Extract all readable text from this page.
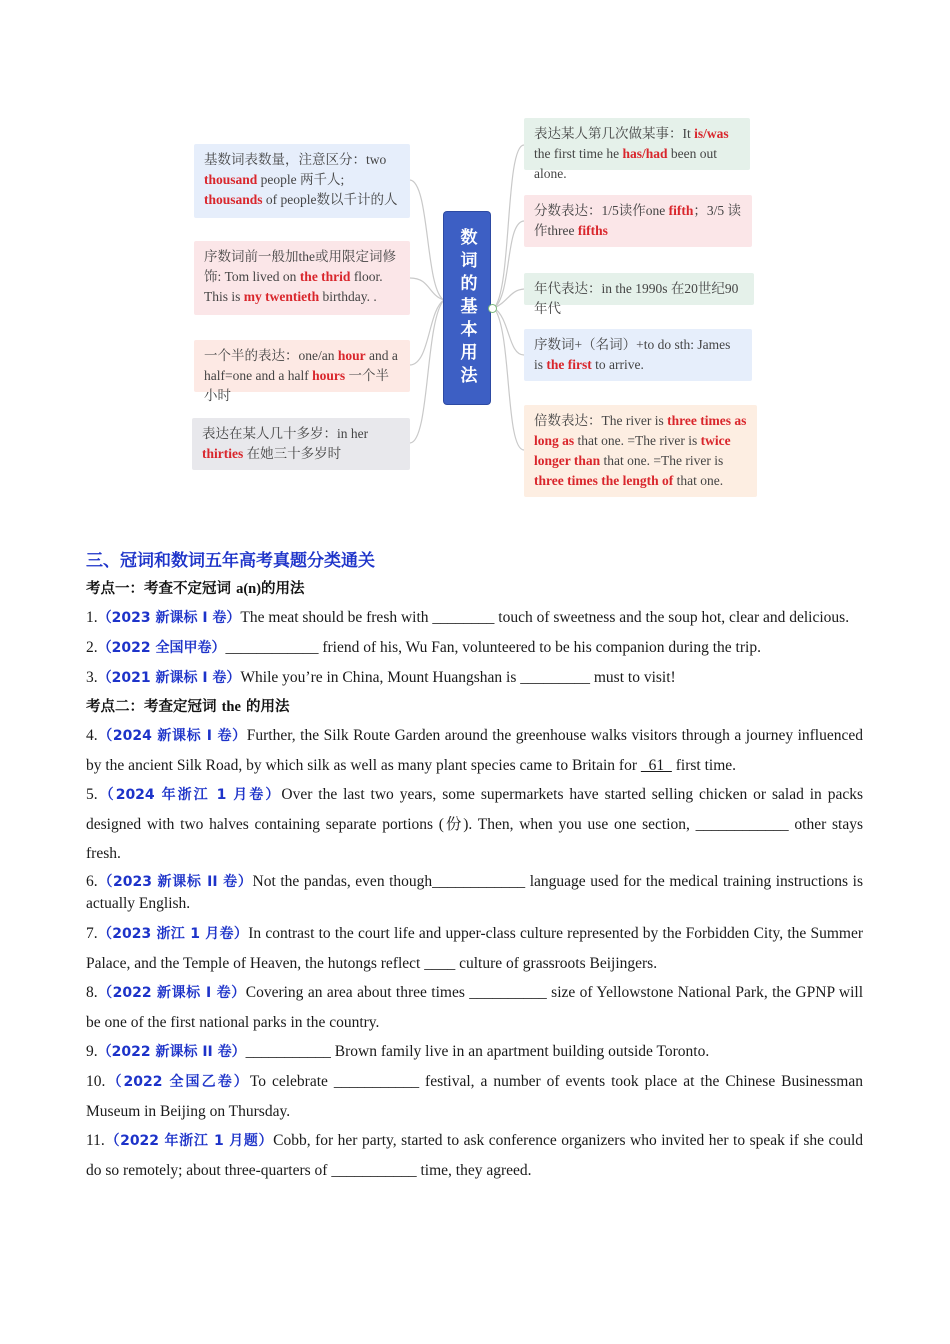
数词的基本用法
基数词表数量，注意区分：two thousand people 两千人; thousands of people数以千计的人
序数词前一般加the或用限定词修饰: Tom lived on the thrid floor. This is my twentieth birthday. .
一个半的表达：one/an hour and a half=one and a half hours 一个半小时
表达在某人几十多岁：in her thirties 在她三十多岁时
表达某人第几次做某事：It is/was the first time he has/had been out alone.
分数表达：1/5读作one fifth；3/5 读作three fifths
年代表达：in the 1990s 在20世纪90年代
序数词+（名词）+to do sth: James is the first to arrive.
倍数表达：The river is three times as long as that one. =The river is twice longer than that one. =The river is three times the length of that one.
三、冠词和数词五年高考真题分类通关
考点一：考查不定冠词 a(n)的用法
1.（2023 新课标 I 卷）The meat should be fresh with ________ touch of sweetness and the soup hot, clear and delicious.
2.（2022 全国甲卷）____________ friend of his, Wu Fan, volunteered to be his companion during the trip.
3.（2021 新课标 I 卷）While you’re in China, Mount Huangshan is _________ must to visit!
考点二：考查定冠词 the 的用法
4.（2024 新课标 I 卷）Further, the Silk Route Garden around the greenhouse walks visitors through a journey influenced by the ancient Silk Road, by which silk as well as many plant species came to Britain for   61   first time.
5.（2024 年浙江 1 月卷）Over the last two years, some supermarkets have started selling chicken or salad in packs designed with two halves containing separate portions (份). Then, when you use one section, ____________ other stays fresh.
6.（2023 新课标 II 卷）Not the pandas, even though____________ language used for the medical training instructions is actually English.
7.（2023 浙江 1 月卷）In contrast to the court life and upper-class culture represented by the Forbidden City, the Summer Palace, and the Temple of Heaven, the hutongs reflect ____ culture of grassroots Beijingers.
8.（2022 新课标 I 卷）Covering an area about three times __________ size of Yellowstone National Park, the GPNP will be one of the first national parks in the country.
9.（2022 新课标 II 卷）___________ Brown family live in an apartment building outside Toronto.
10.（2022 全国乙卷）To celebrate ___________ festival, a number of events took place at the Chinese Businessman Museum in Beijing on Thursday.
11.（2022 年浙江 1 月题）Cobb, for her party, started to ask conference organizers who invited her to speak if she could do so remotely; about three-quarters of ___________ time, they agreed.
